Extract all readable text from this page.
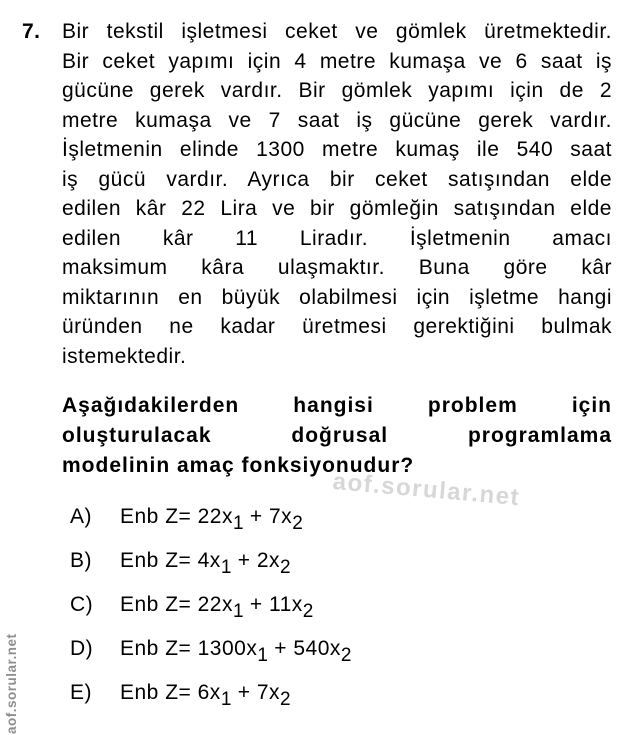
7. Bir tekstil işletmesi ceket ve gömlek üretmektedir.
Bir ceket yapımı için 4 metre kumaşa ve 6 saat iş
gücüne gerek vardır. Bir gömlek yapımı için de 2
metre kumaşa ve 7 saat iş gücüne gerek vardır.
İşletmenin elinde 1300 metre kumaş ile 540 saat
iş gücü vardır. Ayrıca bir ceket satışından elde
edilen kâr 22 Lira ve bir gömleğin satışından elde
edilen kâr 11 Liradır. İşletmenin amacı
maksimum kâra ulaşmaktır. Buna göre kâr
miktarının en büyük olabilmesi için işletme hangi
üründen ne kadar üretmesi gerektiğini bulmak
istemektedir.
Aşağıdakilerden hangisi problem için
oluşturulacak doğrusal programlama
modelinin amaç fonksiyonudur?
aof.sorular.net
A)	Enb Z= 22x1 + 7x2
B)	Enb Z= 4x1 + 2x2
C)	Enb Z= 22x1 + 11x2
D)	Enb Z= 1300x1 + 540x2
E)	Enb Z= 6x1 + 7x2
aof.sorular.net
